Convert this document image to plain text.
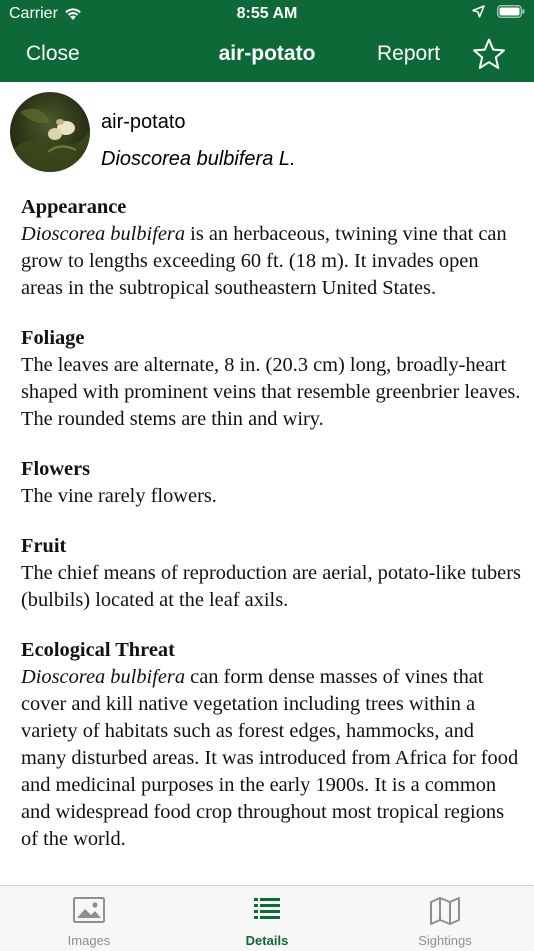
Carrier	8:55 AM
Close	air-potato	Report
air-potato
Dioscorea bulbifera L.
Appearance

Dioscorea bulbifera is an herbaceous, twining vine that can grow to lengths exceeding 60 ft. (18 m). It invades open areas in the subtropical southeastern United States.

Foliage

The leaves are alternate, 8 in. (20.3 cm) long, broadly-heart shaped with prominent veins that resemble greenbrier leaves. The rounded stems are thin and wiry.

Flowers

The vine rarely flowers.

Fruit

The chief means of reproduction are aerial, potato-like tubers (bulbils) located at the leaf axils.

Ecological Threat

Dioscorea bulbifera can form dense masses of vines that cover and kill native vegetation including trees within a variety of habitats such as forest edges, hammocks, and many disturbed areas. It was introduced from Africa for food and medicinal purposes in the early 1900s. It is a common and widespread food crop throughout most tropical regions of the world.

Images	Details	Sightings
